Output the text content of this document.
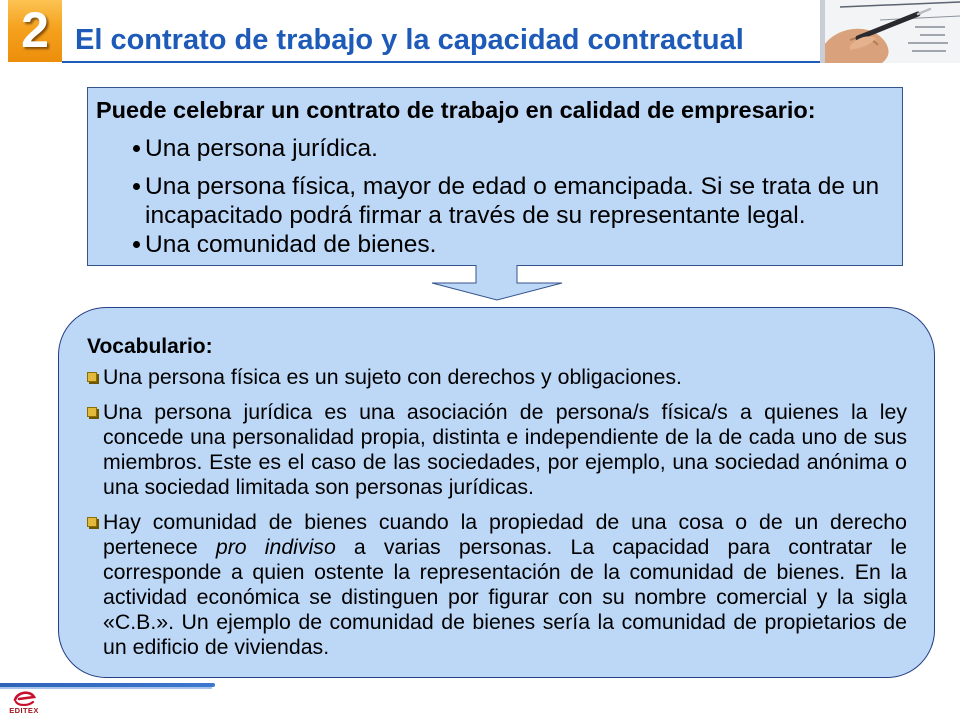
2 El contrato de trabajo y la capacidad contractual
Puede celebrar un contrato de trabajo en calidad de empresario:
Una persona jurídica.
Una persona física, mayor de edad o emancipada. Si se trata de un
incapacitado podrá firmar a través de su representante legal.
Una comunidad de bienes.
Vocabulario:
Una persona física es un sujeto con derechos y obligaciones.
Una persona jurídica es una asociación de persona/s física/s a quienes la ley
concede una personalidad propia, distinta e independiente de la de cada uno de sus
miembros. Este es el caso de las sociedades, por ejemplo, una sociedad anónima o
una sociedad limitada son personas jurídicas.
Hay comunidad de bienes cuando la propiedad de una cosa o de un derecho
pertenece pro indiviso a varias personas. La capacidad para contratar le
corresponde a quien ostente la representación de la comunidad de bienes. En la
actividad económica se distinguen por figurar con su nombre comercial y la sigla
«C.B.». Un ejemplo de comunidad de bienes sería la comunidad de propietarios de
un edificio de viviendas.
EDITEX
